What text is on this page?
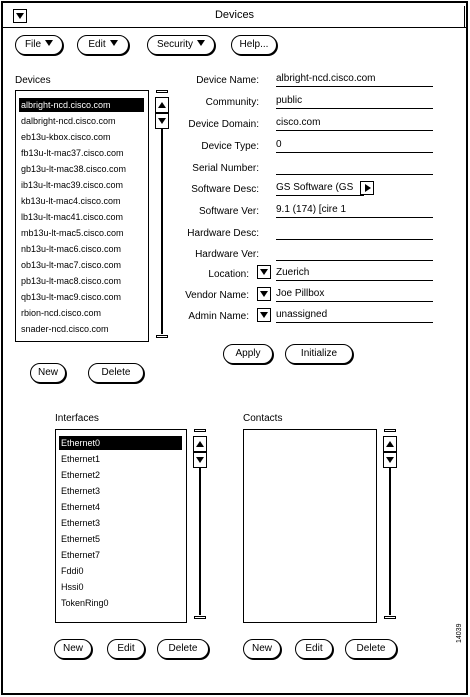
Devices
File	Edit	Security	Help...
Devices
albright-ncd.cisco.com
dalbright-ncd.cisco.com
eb13u-kbox.cisco.com
fb13u-lt-mac37.cisco.com
gb13u-lt-mac38.cisco.com
ib13u-lt-mac39.cisco.com
kb13u-lt-mac4.cisco.com
lb13u-lt-mac41.cisco.com
mb13u-lt-mac5.cisco.com
nb13u-lt-mac6.cisco.com
ob13u-lt-mac7.cisco.com
pb13u-lt-mac8.cisco.com
qb13u-lt-mac9.cisco.com
rbion-ncd.cisco.com
snader-ncd.cisco.com
New	Delete
Device Name: albright-ncd.cisco.com
Community: public
Device Domain: cisco.com
Device Type: 0
Serial Number:
Software Desc: GS Software (GS
Software Ver: 9.1 (174) [cire 1
Hardware Desc:
Hardware Ver:
Location:	Zuerich
Vendor Name:	Joe Pillbox
Admin Name:	unassigned
Apply	Initialize
Interfaces
Ethernet0
Ethernet1
Ethernet2
Ethernet3
Ethernet4
Ethernet3
Ethernet5
Ethernet7
Fddi0
Hssi0
TokenRing0
New	Edit	Delete
Contacts
New	Edit	Delete
14039
